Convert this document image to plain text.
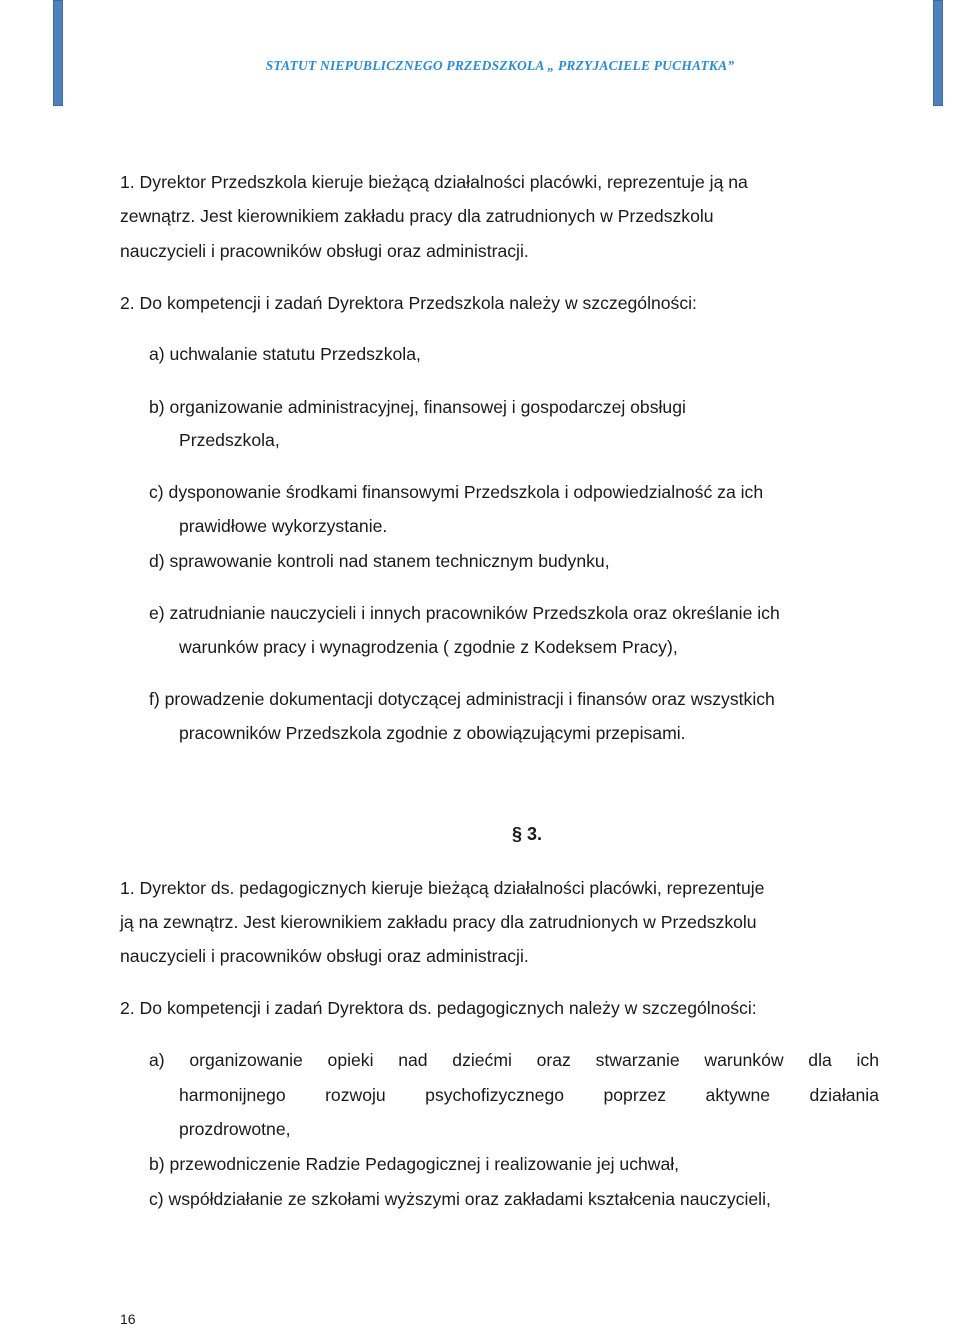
STATUT NIEPUBLICZNEGO PRZEDSZKOLA „ PRZYJACIELE PUCHATKA”
1. Dyrektor Przedszkola kieruje bieżącą działalności placówki, reprezentuje ją na
zewnątrz. Jest kierownikiem zakładu pracy dla zatrudnionych w Przedszkolu
nauczycieli i pracowników obsługi oraz administracji.
2. Do kompetencji i zadań Dyrektora Przedszkola należy w szczególności:
a) uchwalanie statutu Przedszkola,
b) organizowanie administracyjnej, finansowej i gospodarczej obsługi
Przedszkola,
c) dysponowanie środkami finansowymi Przedszkola i odpowiedzialność za ich
prawidłowe wykorzystanie.
d) sprawowanie kontroli nad stanem technicznym budynku,
e) zatrudnianie nauczycieli i innych pracowników Przedszkola oraz określanie ich
warunków pracy i wynagrodzenia ( zgodnie z Kodeksem Pracy),
f) prowadzenie dokumentacji dotyczącej administracji i finansów oraz wszystkich
pracowników Przedszkola zgodnie z obowiązującymi przepisami.
§ 3.
1. Dyrektor ds. pedagogicznych kieruje bieżącą działalności placówki, reprezentuje
ją na zewnątrz. Jest kierownikiem zakładu pracy dla zatrudnionych w Przedszkolu
nauczycieli i pracowników obsługi oraz administracji.
2. Do kompetencji i zadań Dyrektora ds. pedagogicznych należy w szczególności:
a) organizowanie opieki nad dziećmi oraz stwarzanie warunków dla ich
harmonijnego rozwoju psychofizycznego poprzez aktywne działania
prozdrowotne,
b) przewodniczenie Radzie Pedagogicznej i realizowanie jej uchwał,
c) współdziałanie ze szkołami wyższymi oraz zakładami kształcenia nauczycieli,
16
